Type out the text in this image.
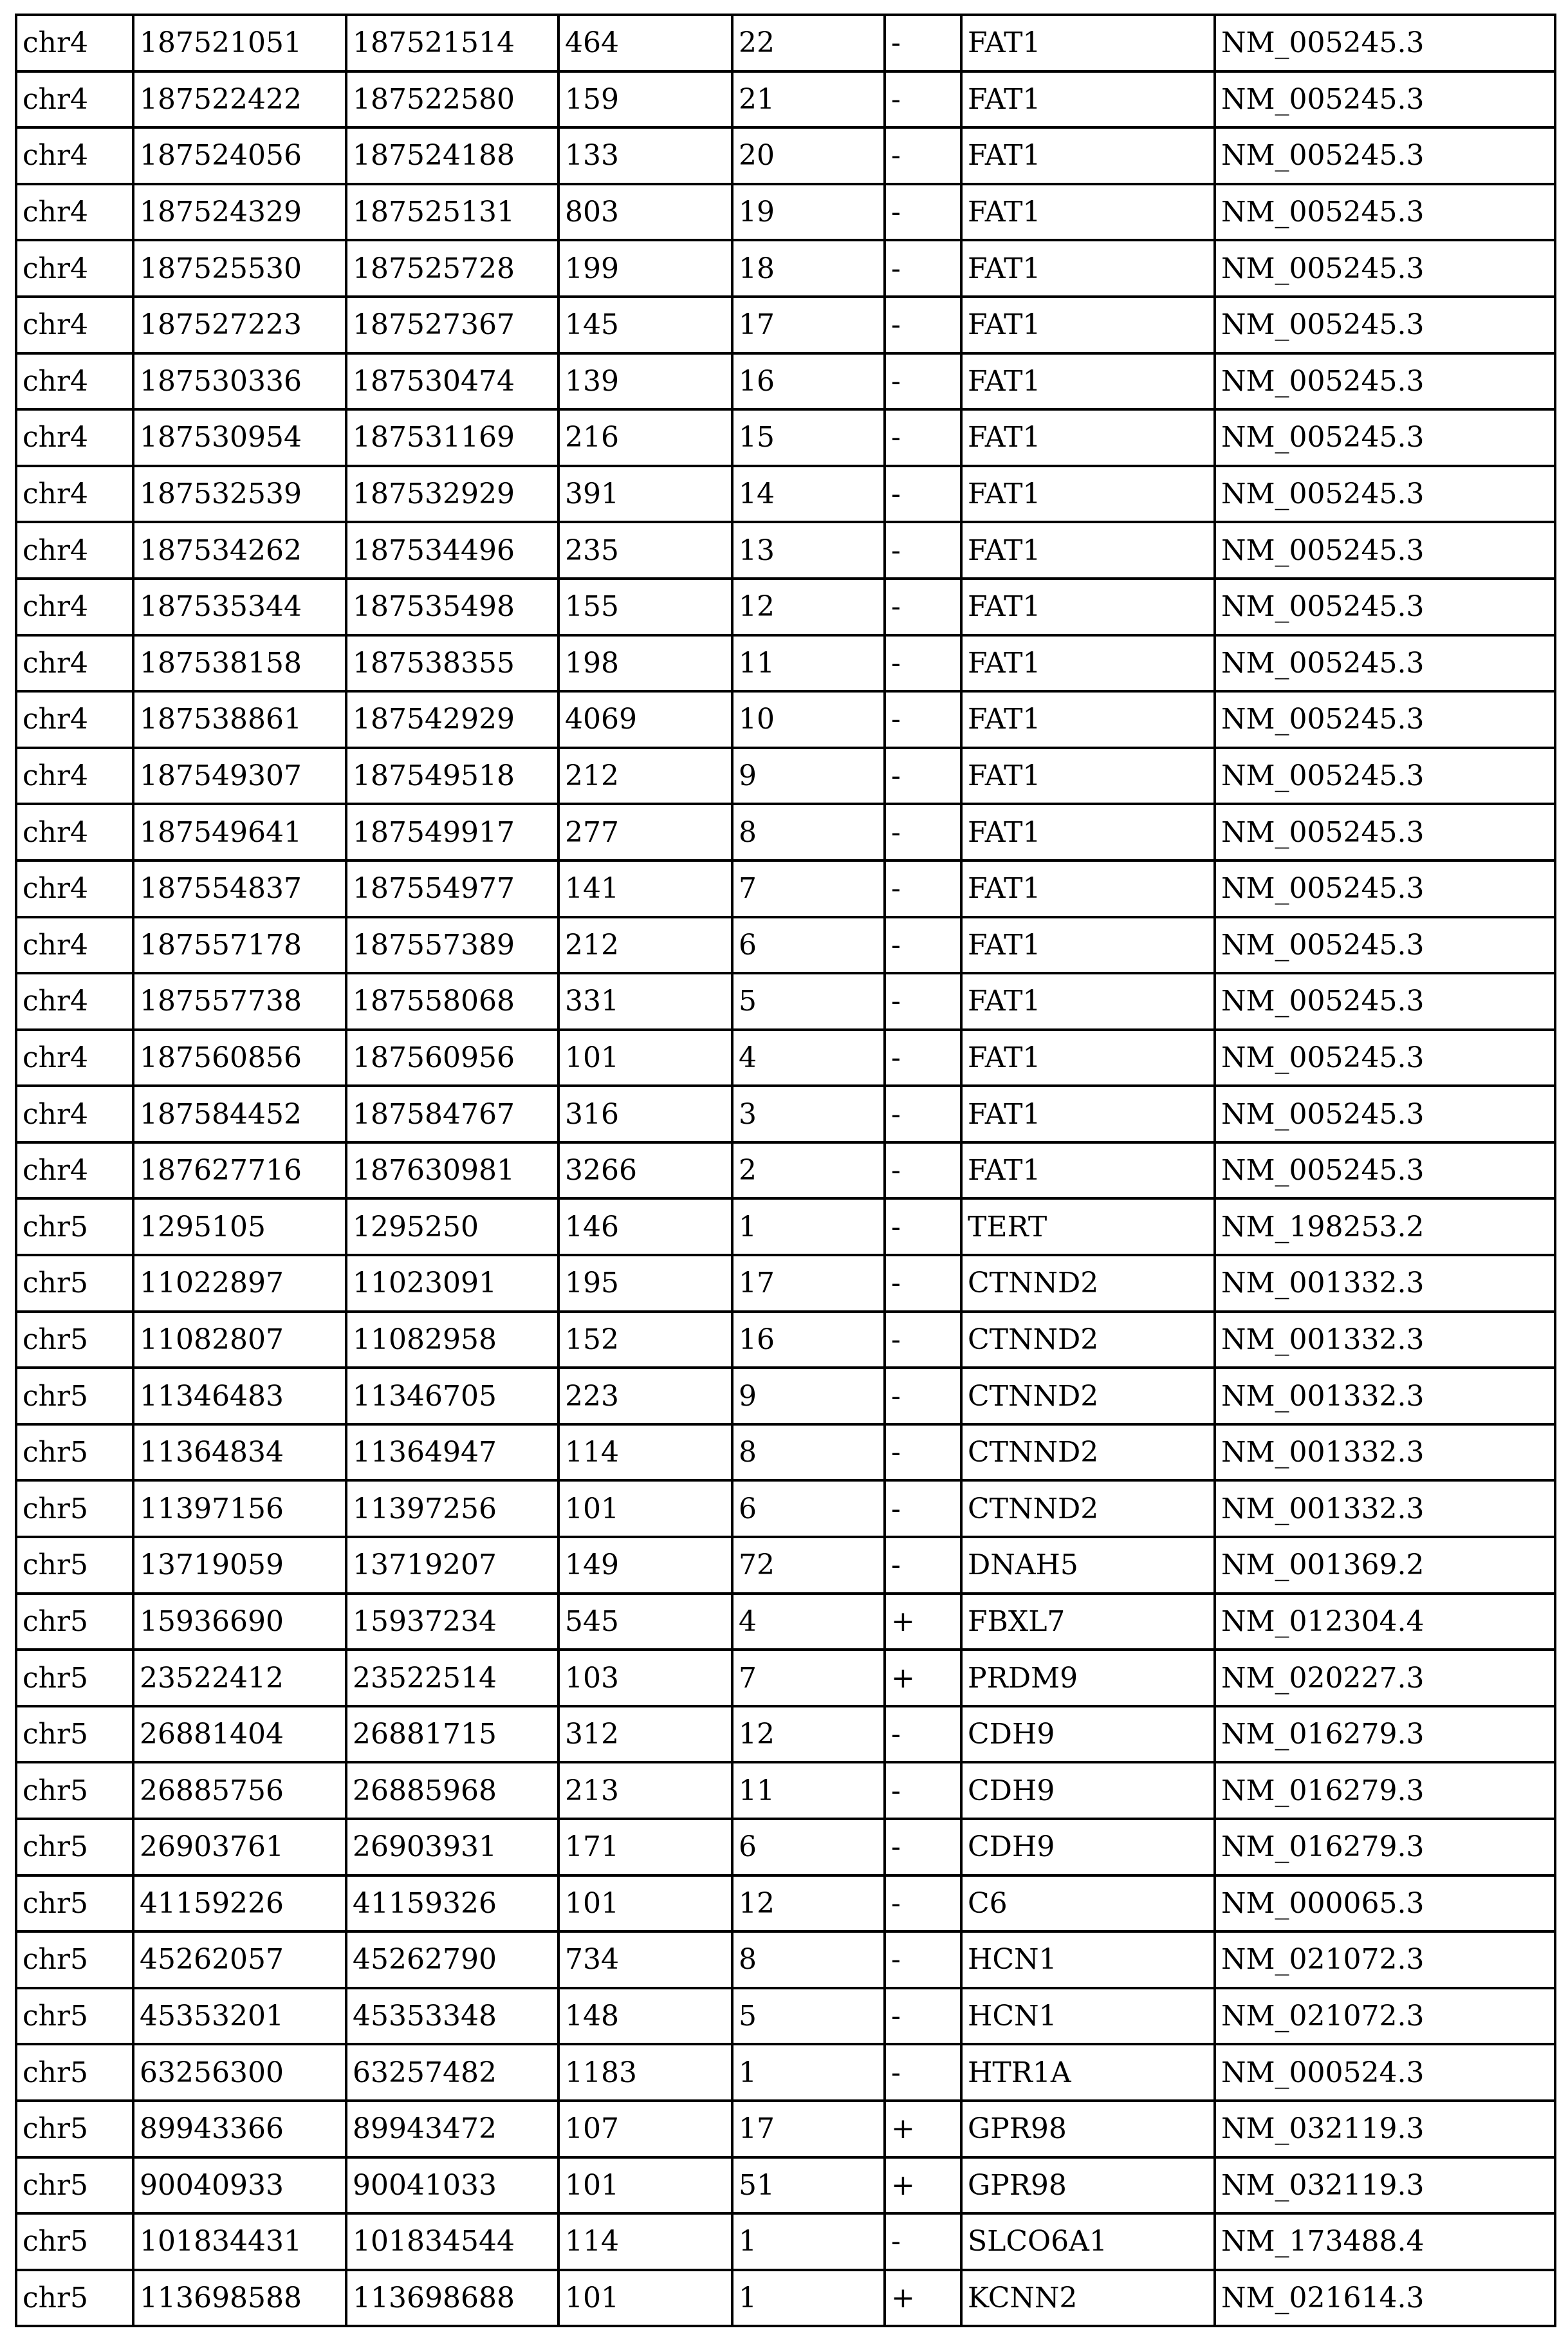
chr4	187521051	187521514	464	22	-	FAT1	NM_005245.3
chr4	187522422	187522580	159	21	-	FAT1	NM_005245.3
chr4	187524056	187524188	133	20	-	FAT1	NM_005245.3
chr4	187524329	187525131	803	19	-	FAT1	NM_005245.3
chr4	187525530	187525728	199	18	-	FAT1	NM_005245.3
chr4	187527223	187527367	145	17	-	FAT1	NM_005245.3
chr4	187530336	187530474	139	16	-	FAT1	NM_005245.3
chr4	187530954	187531169	216	15	-	FAT1	NM_005245.3
chr4	187532539	187532929	391	14	-	FAT1	NM_005245.3
chr4	187534262	187534496	235	13	-	FAT1	NM_005245.3
chr4	187535344	187535498	155	12	-	FAT1	NM_005245.3
chr4	187538158	187538355	198	11	-	FAT1	NM_005245.3
chr4	187538861	187542929	4069	10	-	FAT1	NM_005245.3
chr4	187549307	187549518	212	9	-	FAT1	NM_005245.3
chr4	187549641	187549917	277	8	-	FAT1	NM_005245.3
chr4	187554837	187554977	141	7	-	FAT1	NM_005245.3
chr4	187557178	187557389	212	6	-	FAT1	NM_005245.3
chr4	187557738	187558068	331	5	-	FAT1	NM_005245.3
chr4	187560856	187560956	101	4	-	FAT1	NM_005245.3
chr4	187584452	187584767	316	3	-	FAT1	NM_005245.3
chr4	187627716	187630981	3266	2	-	FAT1	NM_005245.3
chr5	1295105	1295250	146	1	-	TERT	NM_198253.2
chr5	11022897	11023091	195	17	-	CTNND2	NM_001332.3
chr5	11082807	11082958	152	16	-	CTNND2	NM_001332.3
chr5	11346483	11346705	223	9	-	CTNND2	NM_001332.3
chr5	11364834	11364947	114	8	-	CTNND2	NM_001332.3
chr5	11397156	11397256	101	6	-	CTNND2	NM_001332.3
chr5	13719059	13719207	149	72	-	DNAH5	NM_001369.2
chr5	15936690	15937234	545	4	+	FBXL7	NM_012304.4
chr5	23522412	23522514	103	7	+	PRDM9	NM_020227.3
chr5	26881404	26881715	312	12	-	CDH9	NM_016279.3
chr5	26885756	26885968	213	11	-	CDH9	NM_016279.3
chr5	26903761	26903931	171	6	-	CDH9	NM_016279.3
chr5	41159226	41159326	101	12	-	C6	NM_000065.3
chr5	45262057	45262790	734	8	-	HCN1	NM_021072.3
chr5	45353201	45353348	148	5	-	HCN1	NM_021072.3
chr5	63256300	63257482	1183	1	-	HTR1A	NM_000524.3
chr5	89943366	89943472	107	17	+	GPR98	NM_032119.3
chr5	90040933	90041033	101	51	+	GPR98	NM_032119.3
chr5	101834431	101834544	114	1	-	SLCO6A1	NM_173488.4
chr5	113698588	113698688	101	1	+	KCNN2	NM_021614.3
